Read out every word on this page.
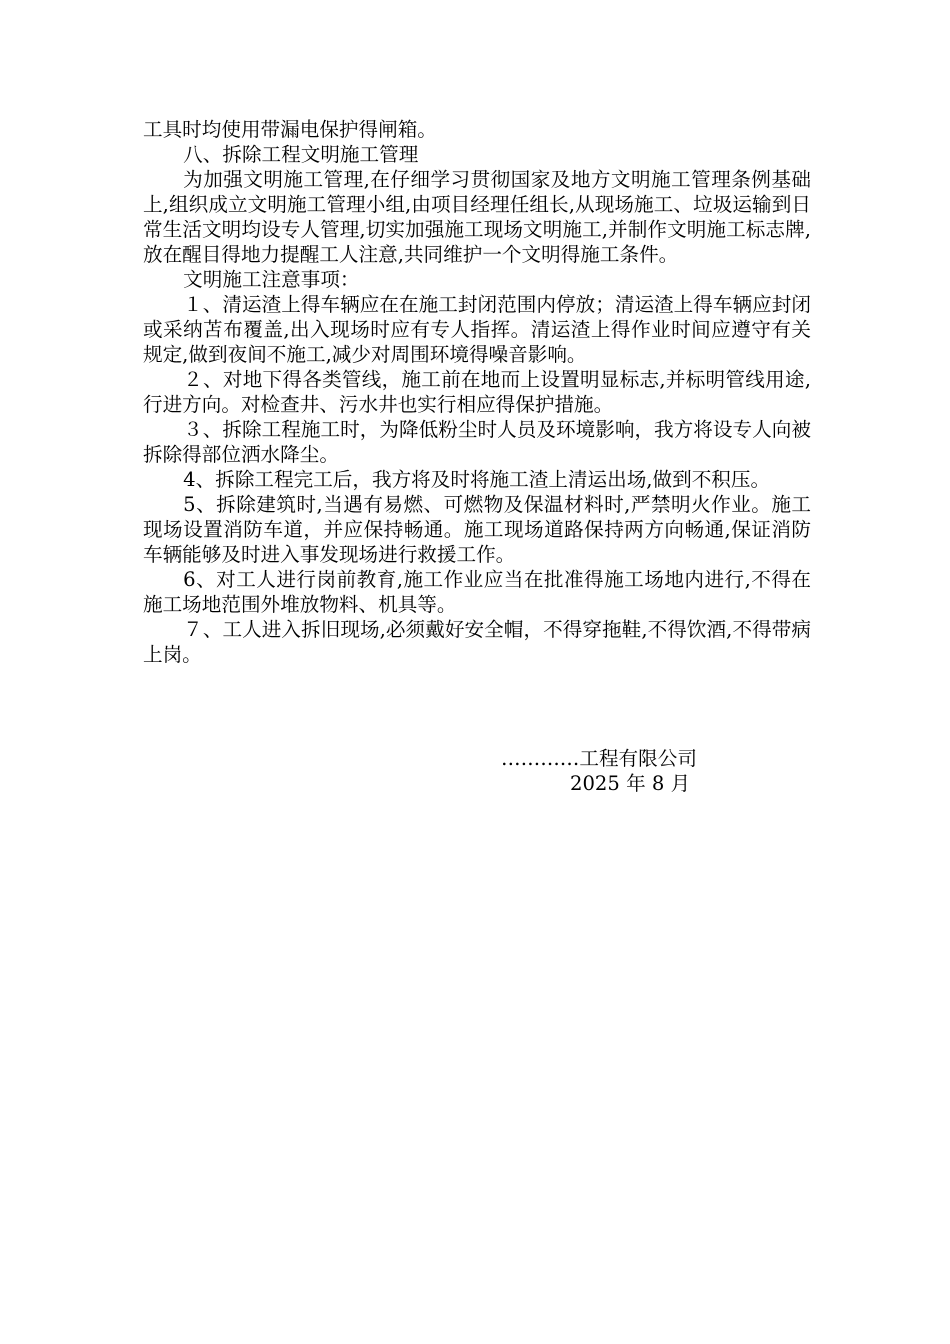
工具时均使用带漏电保护得闸箱。

八、拆除工程文明施工管理

为加强文明施工管理,在仔细学习贯彻国家及地方文明施工管理条例基础上,组织成立文明施工管理小组,由项目经理任组长,从现场施工、垃圾运输到日常生活文明均设专人管理,切实加强施工现场文明施工,并制作文明施工标志牌,放在醒目得地力提醒工人注意,共同维护一个文明得施工条件。

文明施工注意事项：

１、清运渣上得车辆应在在施工封闭范围内停放；清运渣上得车辆应封闭或采纳苫布覆盖,出入现场时应有专人指挥。清运渣上得作业时间应遵守有关规定,做到夜间不施工,减少对周围环境得噪音影响。

２、对地下得各类管线，施工前在地而上设置明显标志,并标明管线用途,行进方向。对检查井、污水井也实行相应得保护措施。

３、拆除工程施工时，为降低粉尘时人员及环境影响，我方将设专人向被拆除得部位洒水降尘。

4、拆除工程完工后，我方将及时将施工渣上清运出场,做到不积压。

5、拆除建筑时,当遇有易燃、可燃物及保温材料时,严禁明火作业。施工现场设置消防车道，并应保持畅通。施工现场道路保持两方向畅通,保证消防车辆能够及时进入事发现场进行救援工作。

6、对工人进行岗前教育,施工作业应当在批准得施工场地内进行,不得在施工场地范围外堆放物料、机具等。

７、工人进入拆旧现场,必须戴好安全帽，不得穿拖鞋,不得饮酒,不得带病上岗。

…………工程有限公司
2025 年 8 月
